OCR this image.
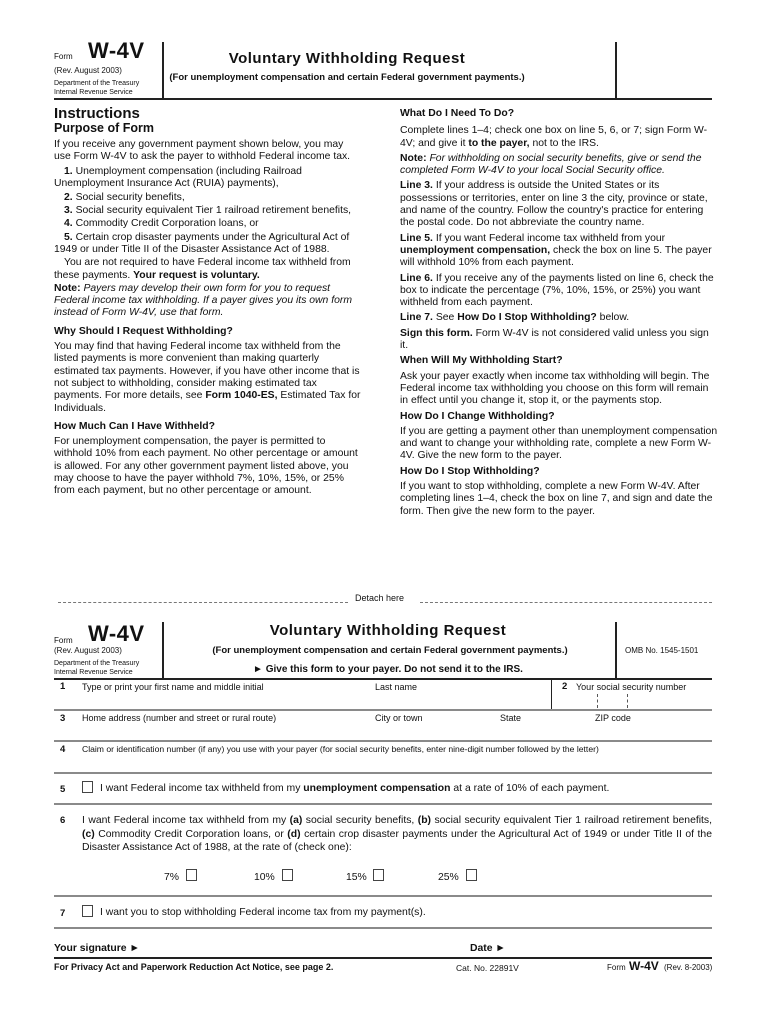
Form W-4V
(Rev. August 2003)
Department of the Treasury
Internal Revenue Service
Voluntary Withholding Request
(For unemployment compensation and certain Federal government payments.)
Instructions
Purpose of Form

If you receive any government payment shown below, you may use Form W-4V to ask the payer to withhold Federal income tax.

1. Unemployment compensation (including Railroad Unemployment Insurance Act (RUIA) payments),

2. Social security benefits,

3. Social security equivalent Tier 1 railroad retirement benefits,

4. Commodity Credit Corporation loans, or

5. Certain crop disaster payments under the Agricultural Act of 1949 or under Title II of the Disaster Assistance Act of 1988.

You are not required to have Federal income tax withheld from these payments. Your request is voluntary.

Note: Payers may develop their own form for you to request Federal income tax withholding. If a payer gives you its own form instead of Form W-4V, use that form.

Why Should I Request Withholding?

You may find that having Federal income tax withheld from the listed payments is more convenient than making quarterly estimated tax payments. However, if you have other income that is not subject to withholding, consider making estimated tax payments. For more details, see Form 1040-ES, Estimated Tax for Individuals.

How Much Can I Have Withheld?

For unemployment compensation, the payer is permitted to withhold 10% from each payment. No other percentage or amount is allowed. For any other government payment listed above, you may choose to have the payer withhold 7%, 10%, 15%, or 25% from each payment, but no other percentage or amount.

What Do I Need To Do?

Complete lines 1–4; check one box on line 5, 6, or 7; sign Form W-4V; and give it to the payer, not to the IRS.

Note: For withholding on social security benefits, give or send the completed Form W-4V to your local Social Security office.

Line 3. If your address is outside the United States or its possessions or territories, enter on line 3 the city, province or state, and name of the country. Follow the country's practice for entering the postal code. Do not abbreviate the country name.

Line 5. If you want Federal income tax withheld from your unemployment compensation, check the box on line 5. The payer will withhold 10% from each payment.

Line 6. If you receive any of the payments listed on line 6, check the box to indicate the percentage (7%, 10%, 15%, or 25%) you want withheld from each payment.

Line 7. See How Do I Stop Withholding? below.

Sign this form. Form W-4V is not considered valid unless you sign it.

When Will My Withholding Start?

Ask your payer exactly when income tax withholding will begin. The Federal income tax withholding you choose on this form will remain in effect until you change it, stop it, or the payments stop.

How Do I Change Withholding?

If you are getting a payment other than unemployment compensation and want to change your withholding rate, complete a new Form W-4V. Give the new form to the payer.

How Do I Stop Withholding?

If you want to stop withholding, complete a new Form W-4V. After completing lines 1–4, check the box on line 7, and sign and date the form. Then give the new form to the payer.

Detach here
Form W-4V
(Rev. August 2003)
Department of the Treasury
Internal Revenue Service
Voluntary Withholding Request
(For unemployment compensation and certain Federal government payments.)
► Give this form to your payer. Do not send it to the IRS.
OMB No. 1545-1501
1 Type or print your first name and middle initial	Last name	2 Your social security number
3 Home address (number and street or rural route)	City or town	State	ZIP code
4 Claim or identification number (if any) you use with your payer (for social security benefits, enter nine-digit number followed by the letter)
5	I want Federal income tax withheld from my unemployment compensation at a rate of 10% of each payment.
6 I want Federal income tax withheld from my (a) social security benefits, (b) social security equivalent Tier 1 railroad retirement benefits, (c) Commodity Credit Corporation loans, or (d) certain crop disaster payments under the Agricultural Act of 1949 or under Title II of the Disaster Assistance Act of 1988, at the rate of (check one):
7%	10%	15%	25%
7	I want you to stop withholding Federal income tax from my payment(s).
Your signature ►	Date ►
For Privacy Act and Paperwork Reduction Act Notice, see page 2.	Cat. No. 22891V	Form W-4V (Rev. 8-2003)
